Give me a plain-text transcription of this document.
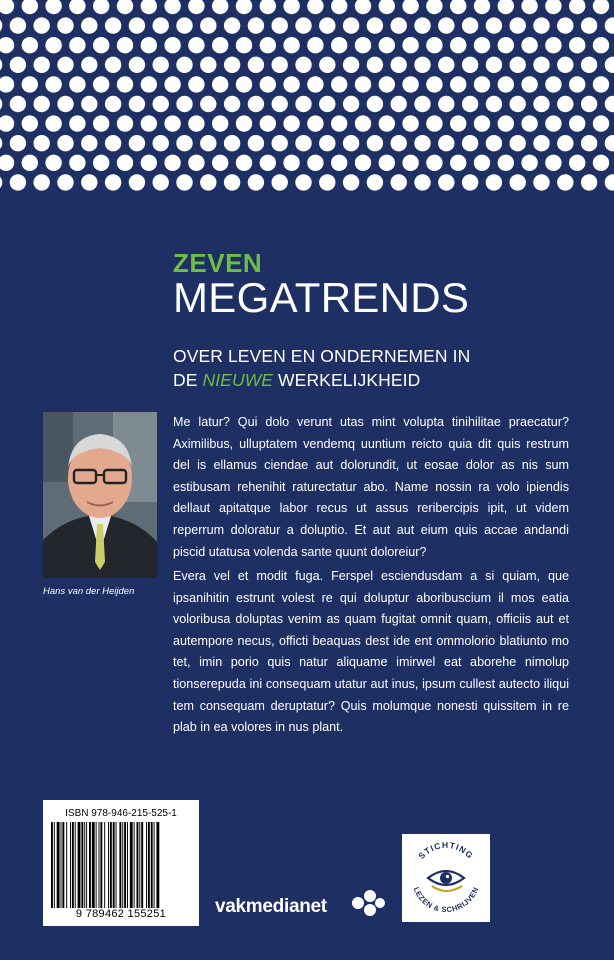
ZEVEN
MEGATRENDS
OVER LEVEN EN ONDERNEMEN IN
DE NIEUWE WERKELIJKHEID
Hans van der Heijden
Me latur? Qui dolo verunt utas mint volupta tinihilitae praecatur? Aximilibus, ulluptatem vendemq uuntium reicto quia dit quis restrum del is ellamus ciendae aut dolorundit, ut eosae dolor as nis sum estibusam rehenihit raturectatur abo. Name nossin ra volo ipiendis dellaut apitatque labor recus ut assus reribercipis ipit, ut videm reperrum doloratur a doluptio. Et aut aut eium quis accae andandi piscid utatusa volenda sante quunt doloreiur?
Evera vel et modit fuga. Ferspel esciendusdam a si quiam, que ipsanihitin estrunt volest re qui doluptur aboribuscium il mos eatia voloribusa doluptas venim as quam fugitat omnit quam, officiis aut et autempore necus, officti beaquas dest ide ent ommolorio blatiunto mo tet, imin porio quis natur aliquame imirwel eat aborehe nimolup tionserepuda ini consequam utatur aut inus, ipsum cullest autecto iliqui tem consequam deruptatur? Quis molumque nonesti quissitem in re plab in ea volores in nus plant.
ISBN 978-946-215-525-1
9 789462 155251	vakmedianet
STICHTING
LEZEN & SCHRIJVEN
